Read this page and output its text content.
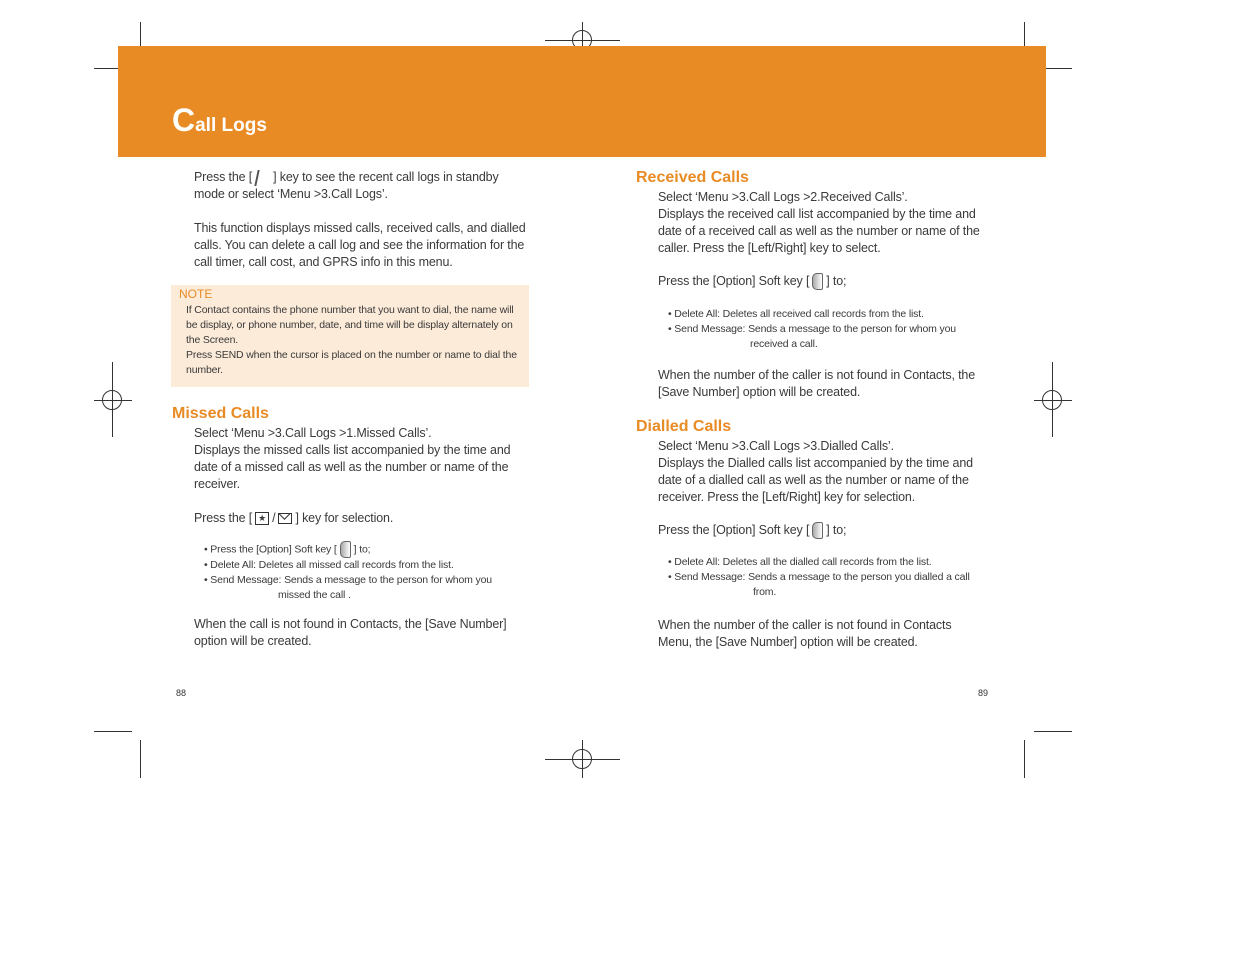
Call Logs
Press the [ ] key to see the recent call logs in standby mode or select ‘Menu >3.Call Logs’.
This function displays missed calls, received calls, and dialled calls. You can delete a call log and see the information for the call timer, call cost, and GPRS info in this menu.
NOTE
If Contact contains the phone number that you want to dial, the name will be display, or phone number, date, and time will be display alternately on the Screen.
Press SEND when the cursor is placed on the number or name to dial the number.
Missed Calls
Select ‘Menu >3.Call Logs >1.Missed Calls’.
Displays the missed calls list accompanied by the time and date of a missed call as well as the number or name of the receiver.
Press the [ ★ / ] key for selection.
• Press the [Option] Soft key [ ] to;
• Delete All: Deletes all missed call records from the list.
• Send Message: Sends a message to the person for whom you
missed the call .
When the call is not found in Contacts, the [Save Number] option will be created.
88
Received Calls
Select ‘Menu >3.Call Logs >2.Received Calls’.
Displays the received call list accompanied by the time and date of a received call as well as the number or name of the caller. Press the [Left/Right] key to select.
Press the [Option] Soft key [ ] to;
• Delete All: Deletes all received call records from the list.
• Send Message: Sends a message to the person for whom you
received a call.
When the number of the caller is not found in Contacts, the [Save Number] option will be created.
Dialled Calls
Select ‘Menu >3.Call Logs >3.Dialled Calls’.
Displays the Dialled calls list accompanied by the time and date of a dialled call as well as the number or name of the receiver. Press the [Left/Right] key for selection.
Press the [Option] Soft key [ ] to;
• Delete All: Deletes all the dialled call records from the list.
• Send Message: Sends a message to the person you dialled a call
from.
When the number of the caller is not found in Contacts Menu, the [Save Number] option will be created.
89
